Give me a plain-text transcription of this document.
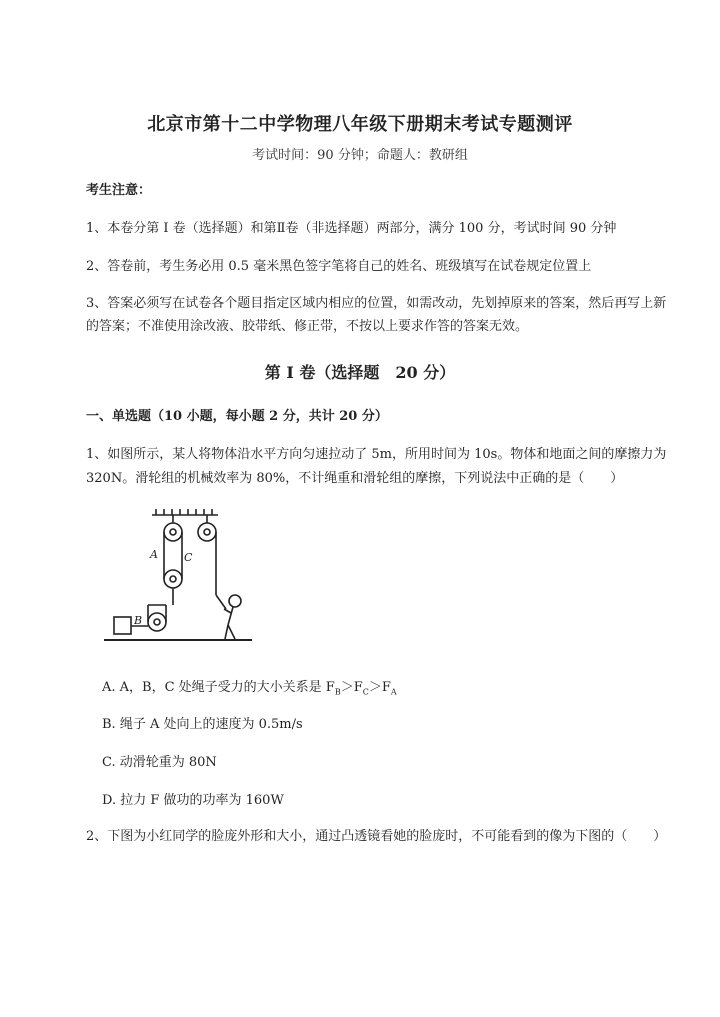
北京市第十二中学物理八年级下册期末考试专题测评
考试时间：90 分钟；命题人：教研组
考生注意：
1、本卷分第 I 卷（选择题）和第Ⅱ卷（非选择题）两部分，满分 100 分，考试时间 90 分钟
2、答卷前，考生务必用 0.5 毫米黑色签字笔将自己的姓名、班级填写在试卷规定位置上
3、答案必须写在试卷各个题目指定区域内相应的位置，如需改动，先划掉原来的答案，然后再写上新
的答案；不准使用涂改液、胶带纸、修正带，不按以上要求作答的答案无效。
第 I 卷（选择题　20 分）
一、单选题（10 小题，每小题 2 分，共计 20 分）
1、如图所示，某人将物体沿水平方向匀速拉动了 5m，所用时间为 10s。物体和地面之间的摩擦力为
320N。滑轮组的机械效率为 80%，不计绳重和滑轮组的摩擦，下列说法中正确的是（　　）
A C
B
A. A，B，C 处绳子受力的大小关系是 $F_B>F_C>F_A$
B. 绳子 A 处向上的速度为 0.5m/s
C. 动滑轮重为 80N
D. 拉力 F 做功的功率为 160W
2、下图为小红同学的脸庞外形和大小，通过凸透镜看她的脸庞时，不可能看到的像为下图的（　　）
